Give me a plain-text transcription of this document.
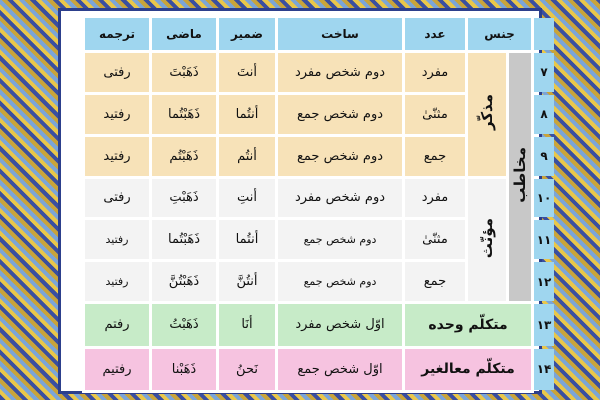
	جنس		عدد	ساخت	ضمیر	ماضی	ترجمه
۷	مخاطب	مذکّر	مفرد	دوم شخص مفرد	أنتَ	ذَهَبْتَ	رفتی
۸			مثنّیٰ	دوم شخص جمع	أنتُما	ذَهَبْتُما	رفتید
۹			جمع	دوم شخص جمع	أنتُم	ذَهَبْتُم	رفتید
۱۰		مؤنّث	مفرد	دوم شخص مفرد	أنتِ	ذَهَبْتِ	رفتی
۱۱			مثنّیٰ	دوم شخص جمع	أنتُما	ذَهَبْتُما	رفتید
۱۲			جمع	دوم شخص جمع	أنتُنَّ	ذَهَبْتُنَّ	رفتید
۱۳	متکلّم وحده			اوّل شخص مفرد	أنَا	ذَهَبْتُ	رفتم
۱۴	متکلّم معالغیر			اوّل شخص جمع	نَحنُ	ذَهَبْنا	رفتیم
